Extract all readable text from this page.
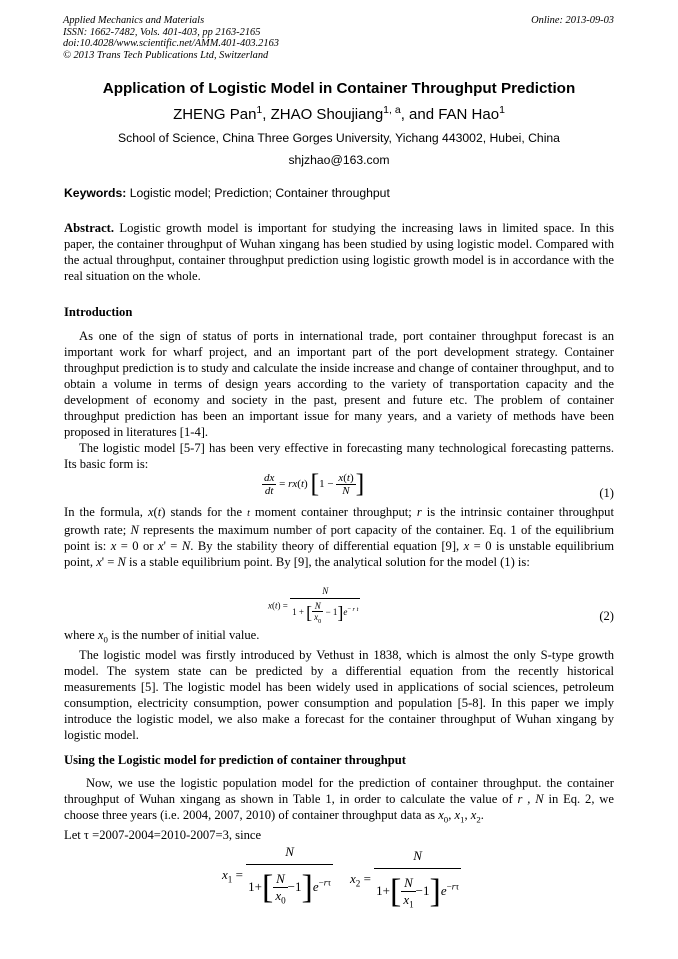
Applied Mechanics and Materials
ISSN: 1662-7482, Vols. 401-403, pp 2163-2165
doi:10.4028/www.scientific.net/AMM.401-403.2163
© 2013 Trans Tech Publications Ltd, Switzerland
Online: 2013-09-03
Application of Logistic Model in Container Throughput Prediction
ZHENG Pan$^1$, ZHAO Shoujiang$^{1, a}$, and FAN Hao$^1$
School of Science, China Three Gorges University, Yichang 443002, Hubei, China
shjzhao@163.com
Keywords: Logistic model; Prediction; Container throughput
Abstract. Logistic growth model is important for studying the increasing laws in limited space. In this paper, the container throughput of Wuhan xingang has been studied by using logistic model. Compared with the actual throughput, container throughput prediction using logistic growth model is in accordance with the real situation on the whole.
Introduction
As one of the sign of status of ports in international trade, port container throughput forecast is an important work for wharf project, and an important part of the port development strategy. Container throughput prediction is to study and calculate the inside increase and change of container throughput, and to obtain a volume in terms of design years according to the variety of transportation capacity and the development of economy and society in the past, present and future etc. The problem of container throughput prediction has been an important issue for many years, and a variety of methods have been proposed in literatures [1-4].
The logistic model [5-7] has been very effective in forecasting many technological forecasting patterns. Its basic form is:
$\frac{dx}{dt} = rx(t) [1 - \frac{x(t)}{N}$ ]	(1)
In the formula, x(t) stands for the t moment container throughput; r is the intrinsic container throughput growth rate; N represents the maximum number of port capacity of the container. Eq. 1 of the equilibrium point is: x = 0 or x' = N. By the stability theory of differential equation [9], x = 0 is unstable equilibrium point, x' = N is a stable equilibrium point. By [9], the analytical solution for the model (1) is:
$x(t) = \frac{N}{1 + [ \frac{N}{x_0} - 1]e^{- r t}}$	(2)
where $x_0$ is the number of initial value.
The logistic model was firstly introduced by Vethust in 1838, which is almost the only S-type growth model. The system state can be predicted by a differential equation from the recently historical measurements [5]. The logistic model has been widely used in applications of social sciences, petroleum consumption, electricity consumption, power consumption and population [5-8]. In this paper we imply introduce the logistic model, we also make a forecast for the container throughput of Wuhan xingang by logistic model.
Using the Logistic model for prediction of container throughput
Now, we use the logistic population model for the prediction of container throughput. the container throughput of Wuhan xingang as shown in Table 1, in order to calculate the value of r , N in Eq. 2, we choose three years (i.e. 2004, 2007, 2010) of container throughput data as $x_0$, $x_1$, $x_2$.
Let τ =2007-2004=2010-2007=3, since
$x_1 = \frac{N}{1+[ \frac{N}{x_0} -1]e^{-r\tau}} x_2 = \frac{N}{1+[ \frac{N}{x_1} -1]e^{-r\tau}}$
